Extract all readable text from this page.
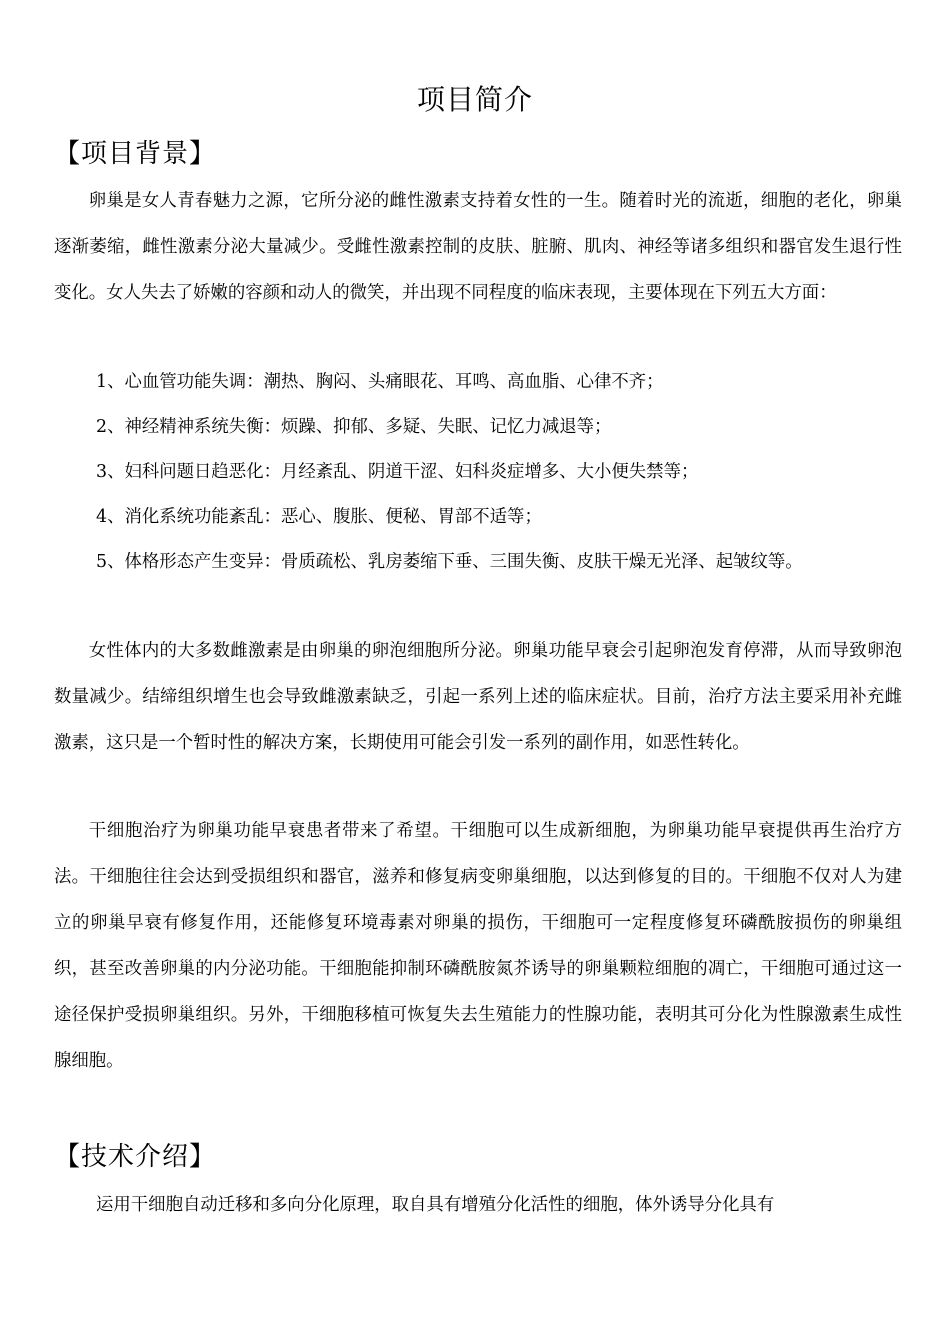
项目简介
【项目背景】

卵巢是女人青春魅力之源，它所分泌的雌性激素支持着女性的一生。随着时光的流逝，细胞的老化，卵巢逐渐萎缩，雌性激素分泌大量减少。受雌性激素控制的皮肤、脏腑、肌肉、神经等诸多组织和器官发生退行性变化。女人失去了娇嫩的容颜和动人的微笑，并出现不同程度的临床表现，主要体现在下列五大方面：

1、心血管功能失调：潮热、胸闷、头痛眼花、耳鸣、高血脂、心律不齐；

2、神经精神系统失衡：烦躁、抑郁、多疑、失眠、记忆力减退等；

3、妇科问题日趋恶化：月经紊乱、阴道干涩、妇科炎症增多、大小便失禁等；

4、消化系统功能紊乱：恶心、腹胀、便秘、胃部不适等；

5、体格形态产生变异：骨质疏松、乳房萎缩下垂、三围失衡、皮肤干燥无光泽、起皱纹等。

女性体内的大多数雌激素是由卵巢的卵泡细胞所分泌。卵巢功能早衰会引起卵泡发育停滞，从而导致卵泡数量减少。结缔组织增生也会导致雌激素缺乏，引起一系列上述的临床症状。目前，治疗方法主要采用补充雌激素，这只是一个暂时性的解决方案，长期使用可能会引发一系列的副作用，如恶性转化。

干细胞治疗为卵巢功能早衰患者带来了希望。干细胞可以生成新细胞，为卵巢功能早衰提供再生治疗方法。干细胞往往会达到受损组织和器官，滋养和修复病变卵巢细胞，以达到修复的目的。干细胞不仅对人为建立的卵巢早衰有修复作用，还能修复环境毒素对卵巢的损伤，干细胞可一定程度修复环磷酰胺损伤的卵巢组织，甚至改善卵巢的内分泌功能。干细胞能抑制环磷酰胺氮芥诱导的卵巢颗粒细胞的凋亡，干细胞可通过这一途径保护受损卵巢组织。另外，干细胞移植可恢复失去生殖能力的性腺功能，表明其可分化为性腺激素生成性腺细胞。

【技术介绍】

运用干细胞自动迁移和多向分化原理，取自具有增殖分化活性的细胞，体外诱导分化具有
